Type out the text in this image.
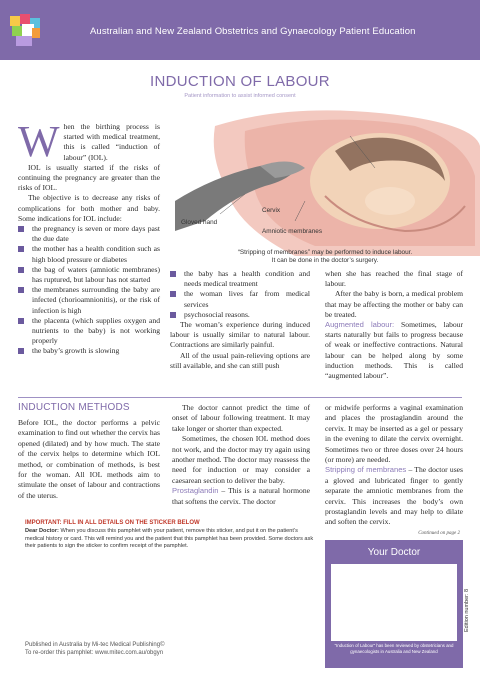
Australian and New Zealand Obstetrics and Gynaecology Patient Education
INDUCTION OF LABOUR
Patient information to assist informed consent
W hen the birthing process is started with medical treatment, this is called “induction of labour” (IOL).

IOL is usually started if the risks of continuing the pregnancy are greater than the risks of IOL.

The objective is to decrease any risks of complications for both mother and baby. Some indications for IOL include:

the pregnancy is seven or more days past the due date
the mother has a health condition such as high blood pressure or diabetes
the bag of waters (amniotic membranes) has ruptured, but labour has not started
the membranes surrounding the baby are infected (chorioamnionitis), or the risk of infection is high
the placenta (which supplies oxygen and nutrients to the baby) is not working properly
the baby’s growth is slowing
Cervix
Gloved hand
Amniotic membranes
“Stripping of membranes” may be performed to induce labour.
It can be done in the doctor’s surgery.
the baby has a health condition and needs medical treatment
the woman lives far from medical services
psychosocial reasons.

The woman’s experience during induced labour is usually similar to natural labour. Contractions are similarly painful.

All of the usual pain-relieving options are still available, and she can still push

when she has reached the final stage of labour.

After the baby is born, a medical problem that may be affecting the mother or baby can be treated.

Augmented labour: Sometimes, labour starts naturally but fails to progress because of weak or ineffective contractions. Natural labour can be helped along by some induction methods. This is called “augmented labour”.

INDUCTION METHODS

Before IOL, the doctor performs a pelvic examination to find out whether the cervix has opened (dilated) and by how much. The state of the cervix helps to determine which IOL method, or combination of methods, is best for the woman. All IOL methods aim to stimulate the onset of labour and contractions of the uterus.

The doctor cannot predict the time of onset of labour following treatment. It may take longer or shorter than expected.

Sometimes, the chosen IOL method does not work, and the doctor may try again using another method. The doctor may reassess the need for induction or may consider a caesarean section to deliver the baby.

Prostaglandin – This is a natural hormone that softens the cervix. The doctor

or midwife performs a vaginal examination and places the prostaglandin around the cervix. It may be inserted as a gel or pessary in the evening to dilate the cervix overnight. Sometimes two or three doses over 24 hours (or more) are needed.

Stripping of membranes – The doctor uses a gloved and lubricated finger to gently separate the amniotic membranes from the cervix. This increases the body’s own prostaglandin levels and may help to dilate and soften the cervix.

Continued on page 2
IMPORTANT: FILL IN ALL DETAILS ON THE STICKER BELOW
Dear Doctor: When you discuss this pamphlet with your patient, remove this sticker, and put it on the patient’s medical history or card. This will remind you and the patient that this pamphlet has been provided. Some doctors ask their patients to sign the sticker to confirm receipt of the pamphlet.
Your Doctor
“Induction of Labour” has been reviewed by obstetricians and gynaecologists in Australia and New Zealand
Edition number: 8
Published in Australia by Mi-tec Medical Publishing©
To re-order this pamphlet: www.mitec.com.au/obgyn
